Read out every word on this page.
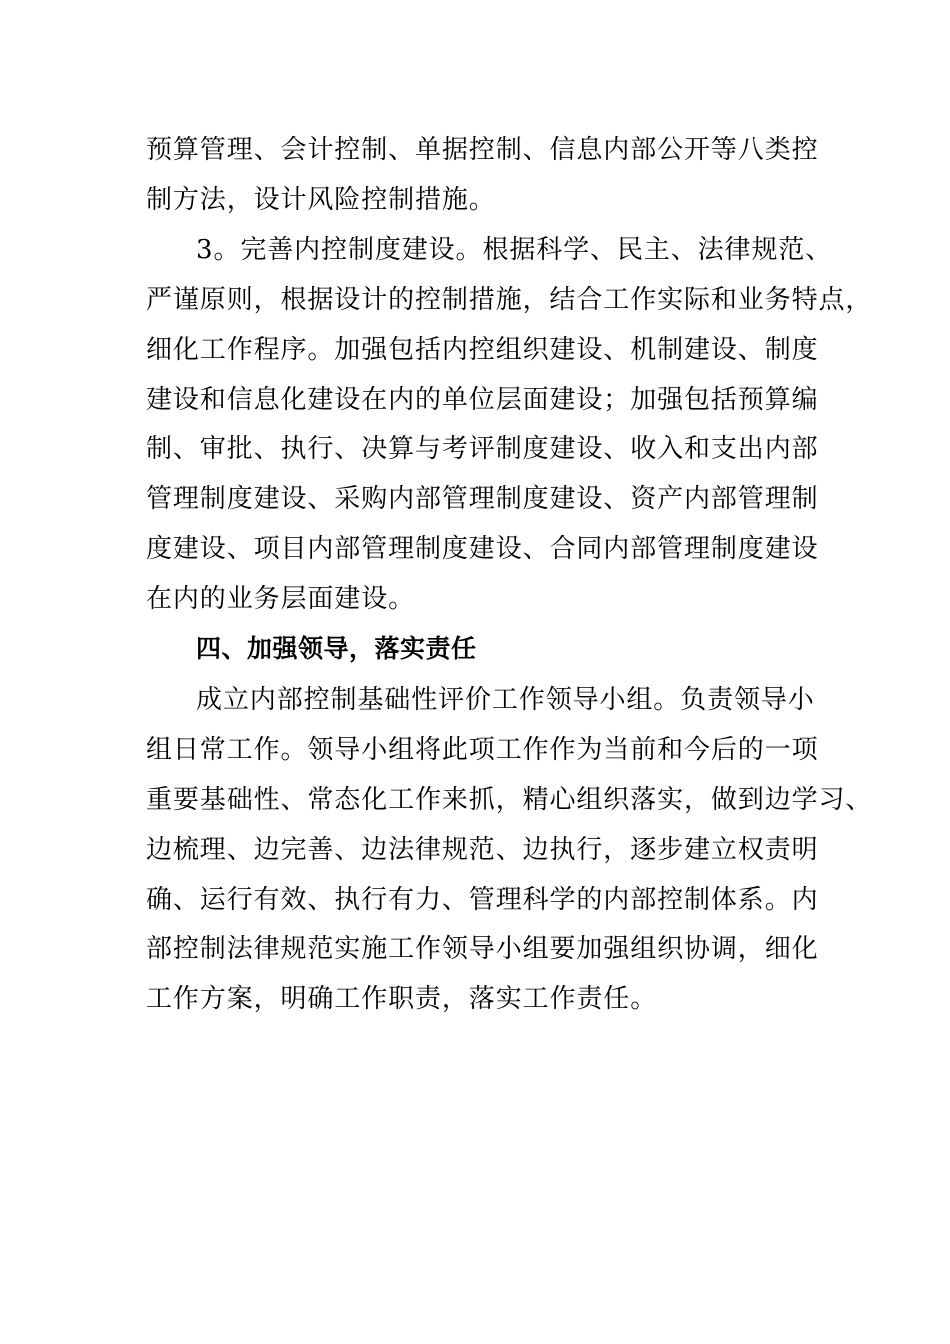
预算管理、会计控制、单据控制、信息内部公开等八类控
制方法，设计风险控制措施。
3。完善内控制度建设。根据科学、民主、法律规范、
严谨原则，根据设计的控制措施，结合工作实际和业务特点，
细化工作程序。加强包括内控组织建设、机制建设、制度
建设和信息化建设在内的单位层面建设；加强包括预算编
制、审批、执行、决算与考评制度建设、收入和支出内部
管理制度建设、采购内部管理制度建设、资产内部管理制
度建设、项目内部管理制度建设、合同内部管理制度建设
在内的业务层面建设。
四、加强领导，落实责任
成立内部控制基础性评价工作领导小组。负责领导小
组日常工作。领导小组将此项工作作为当前和今后的一项
重要基础性、常态化工作来抓，精心组织落实，做到边学习、
边梳理、边完善、边法律规范、边执行，逐步建立权责明
确、运行有效、执行有力、管理科学的内部控制体系。内
部控制法律规范实施工作领导小组要加强组织协调，细化
工作方案，明确工作职责，落实工作责任。
